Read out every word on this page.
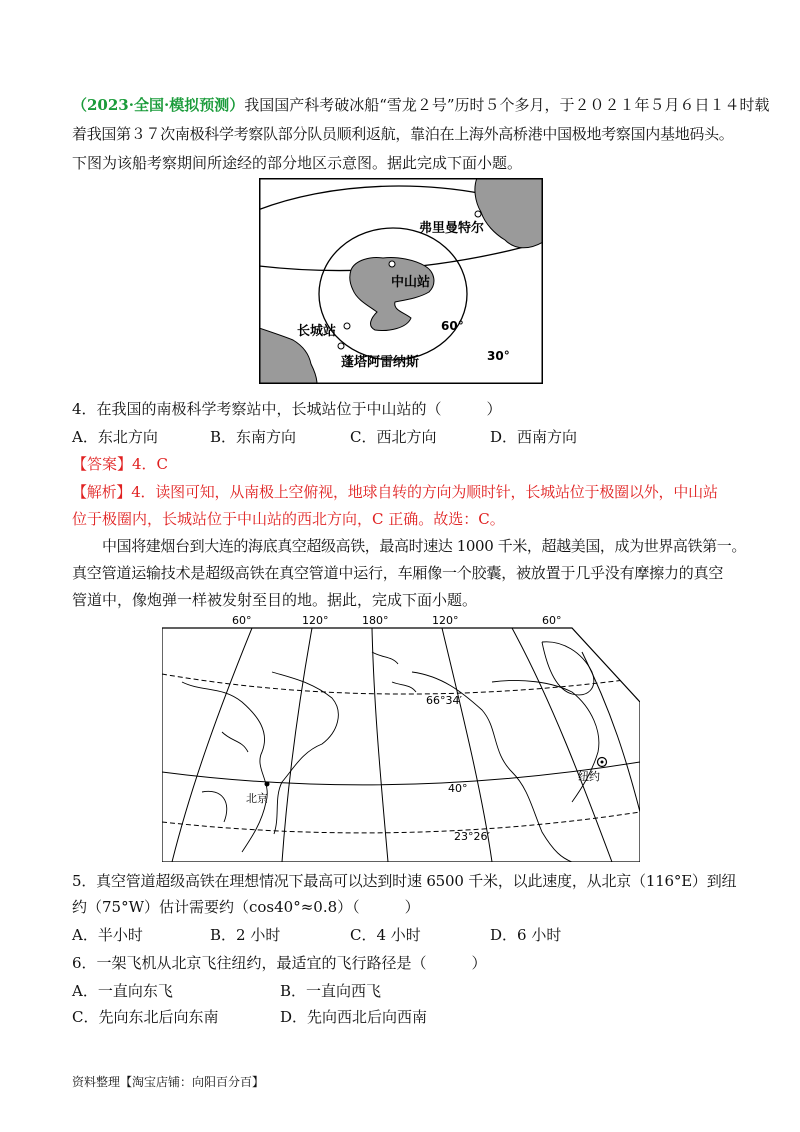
（2023·全国·模拟预测）我国国产科考破冰船“雪龙２号”历时５个多月，于２０２１年５月６日１４时载
着我国第３７次南极科学考察队部分队员顺利返航，靠泊在上海外高桥港中国极地考察国内基地码头。
下图为该船考察期间所途经的部分地区示意图。据此完成下面小题。
弗里曼特尔
中山站
长城站
蓬塔阿雷纳斯
60°
30°
4．在我国的南极科学考察站中，长城站位于中山站的（　　　）
A．东北方向	B．东南方向	C．西北方向	D．西南方向
【答案】4．C
【解析】4．读图可知，从南极上空俯视，地球自转的方向为顺时针，长城站位于极圈以外，中山站
位于极圈内，长城站位于中山站的西北方向，C 正确。故选：C。
中国将建烟台到大连的海底真空超级高铁，最高时速达 1000 千米，超越美国，成为世界高铁第一。
真空管道运输技术是超级高铁在真空管道中运行，车厢像一个胶囊，被放置于几乎没有摩擦力的真空
管道中，像炮弹一样被发射至目的地。据此，完成下面小题。
60°	120°	180°	120°	60°
66°34′
40°
23°26′
北京
纽约
5．真空管道超级高铁在理想情况下最高可以达到时速 6500 千米，以此速度，从北京（116°E）到纽
约（75°W）估计需要约（cos40°≈0.8）（　　　）
A．半小时	B．2 小时	C．4 小时	D．6 小时
6．一架飞机从北京飞往纽约，最适宜的飞行路径是（　　　）
A．一直向东飞	B．一直向西飞
C．先向东北后向东南	D．先向西北后向西南
资料整理【淘宝店铺：向阳百分百】
